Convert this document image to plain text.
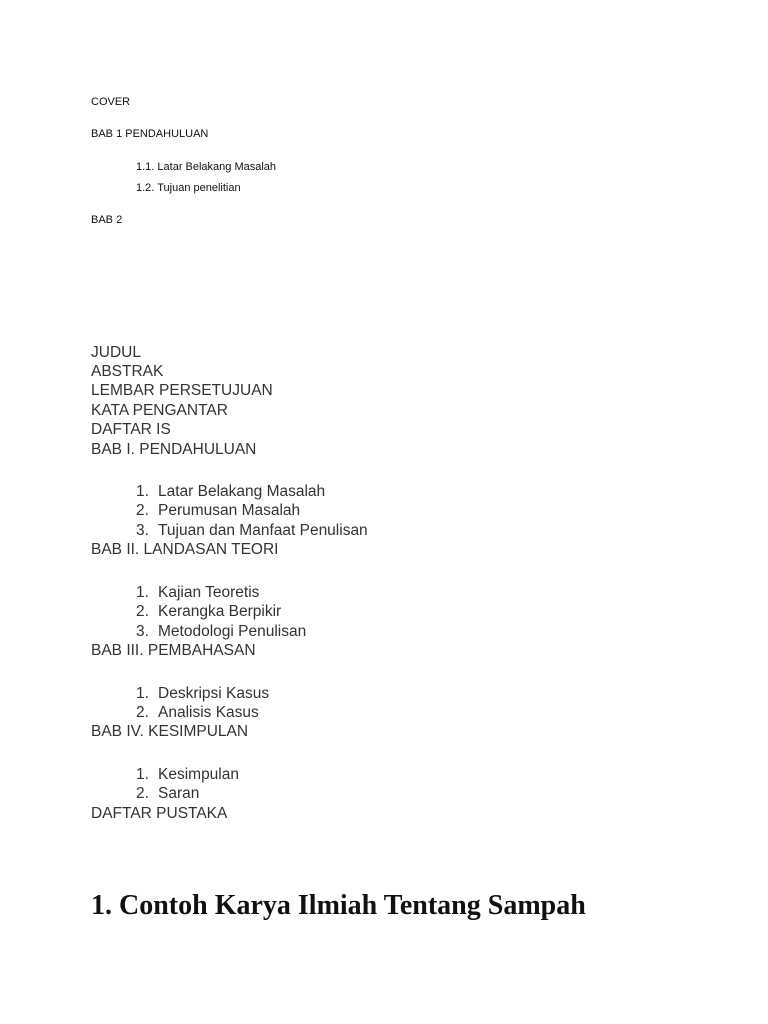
COVER
BAB 1 PENDAHULUAN
1.1. Latar Belakang Masalah
1.2. Tujuan penelitian
BAB 2
JUDUL
ABSTRAK
LEMBAR PERSETUJUAN
KATA PENGANTAR
DAFTAR IS
BAB I. PENDAHULUAN
1. Latar Belakang Masalah
2. Perumusan Masalah
3. Tujuan dan Manfaat Penulisan
BAB II. LANDASAN TEORI
1. Kajian Teoretis
2. Kerangka Berpikir
3. Metodologi Penulisan
BAB III. PEMBAHASAN
1. Deskripsi Kasus
2. Analisis Kasus
BAB IV. KESIMPULAN
1. Kesimpulan
2. Saran
DAFTAR PUSTAKA
1. Contoh Karya Ilmiah Tentang Sampah
